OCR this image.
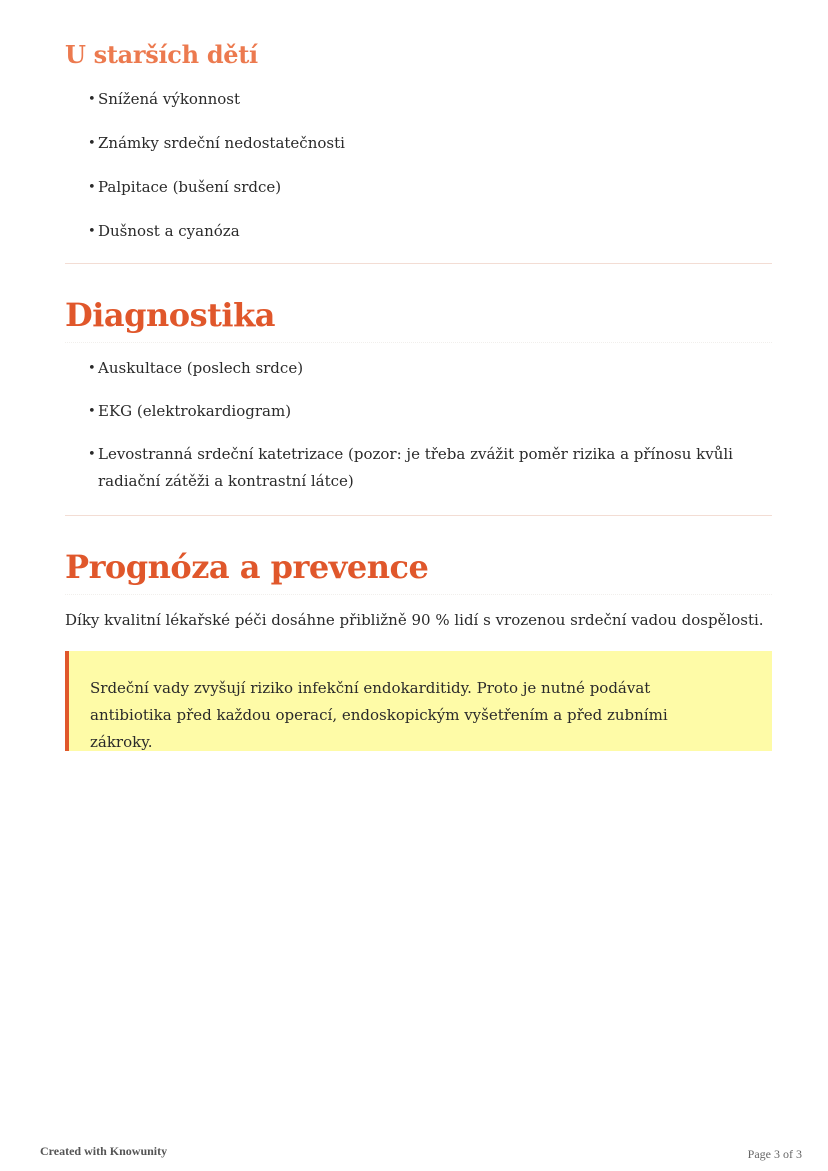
U starších dětí
• Snížená výkonnost
• Známky srdeční nedostatečnosti
• Palpitace (bušení srdce)
• Dušnost a cyanóza
Diagnostika
• Auskultace (poslech srdce)
• EKG (elektrokardiogram)
• Levostranná srdeční katetrizace (pozor: je třeba zvážit poměr rizika a přínosu kvůli radiační zátěži a kontrastní látce)
Prognóza a prevence

Díky kvalitní lékařské péči dosáhne přibližně 90 % lidí s vrozenou srdeční vadou dospělosti.

Srdeční vady zvyšují riziko infekční endokarditidy. Proto je nutné podávat antibiotika před každou operací, endoskopickým vyšetřením a před zubními zákroky.

Created with Knowunity	Page 3 of 3
